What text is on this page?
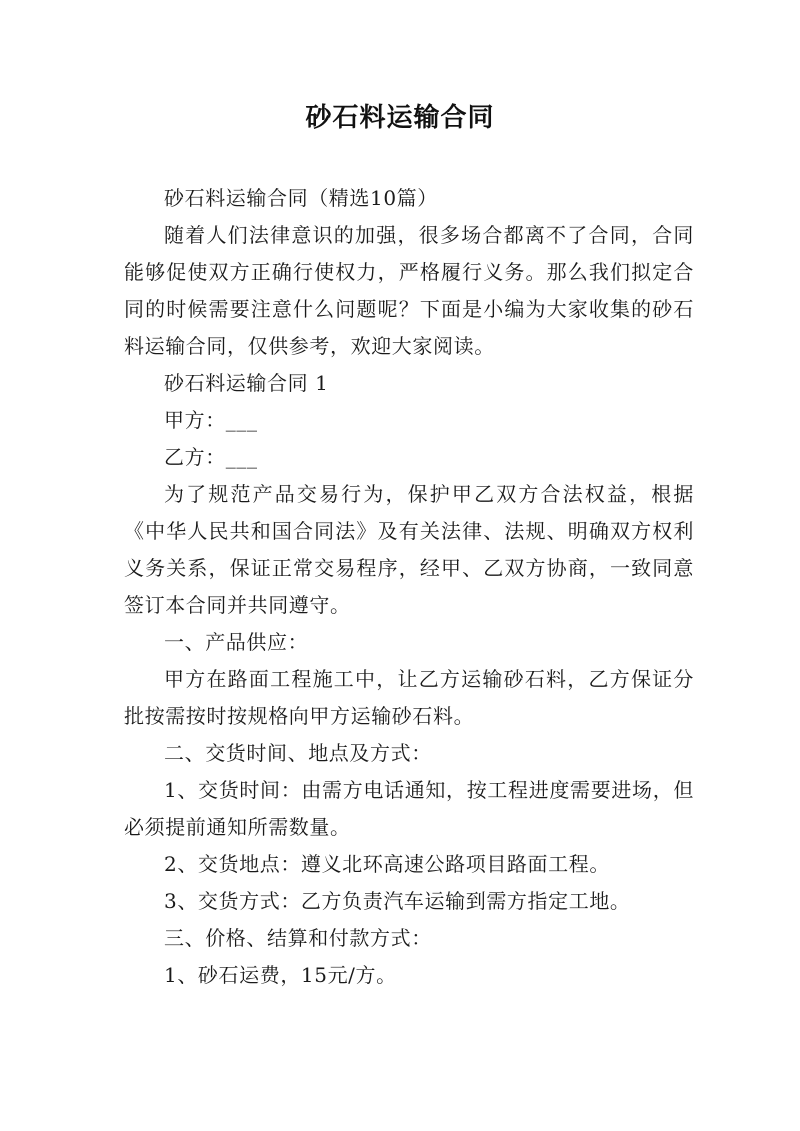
砂石料运输合同

砂石料运输合同（精选10篇）

随着人们法律意识的加强，很多场合都离不了合同，合同能够促使双方正确行使权力，严格履行义务。那么我们拟定合同的时候需要注意什么问题呢？下面是小编为大家收集的砂石料运输合同，仅供参考，欢迎大家阅读。

砂石料运输合同 1

甲方：___

乙方：___

为了规范产品交易行为，保护甲乙双方合法权益，根据《中华人民共和国合同法》及有关法律、法规、明确双方权利义务关系，保证正常交易程序，经甲、乙双方协商，一致同意签订本合同并共同遵守。

一、产品供应：

甲方在路面工程施工中，让乙方运输砂石料，乙方保证分批按需按时按规格向甲方运输砂石料。

二、交货时间、地点及方式：

1、交货时间：由需方电话通知，按工程进度需要进场，但必须提前通知所需数量。

2、交货地点：遵义北环高速公路项目路面工程。

3、交货方式：乙方负责汽车运输到需方指定工地。

三、价格、结算和付款方式：

1、砂石运费，15元/方。
